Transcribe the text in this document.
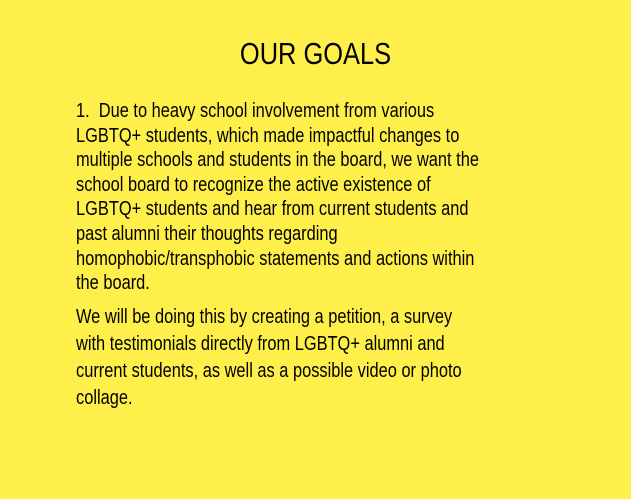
OUR GOALS

1.  Due to heavy school involvement from various
LGBTQ+ students, which made impactful changes to
multiple schools and students in the board, we want the
school board to recognize the active existence of
LGBTQ+ students and hear from current students and
past alumni their thoughts regarding
homophobic/transphobic statements and actions within
the board.

We will be doing this by creating a petition, a survey
with testimonials directly from LGBTQ+ alumni and
current students, as well as a possible video or photo
collage.
